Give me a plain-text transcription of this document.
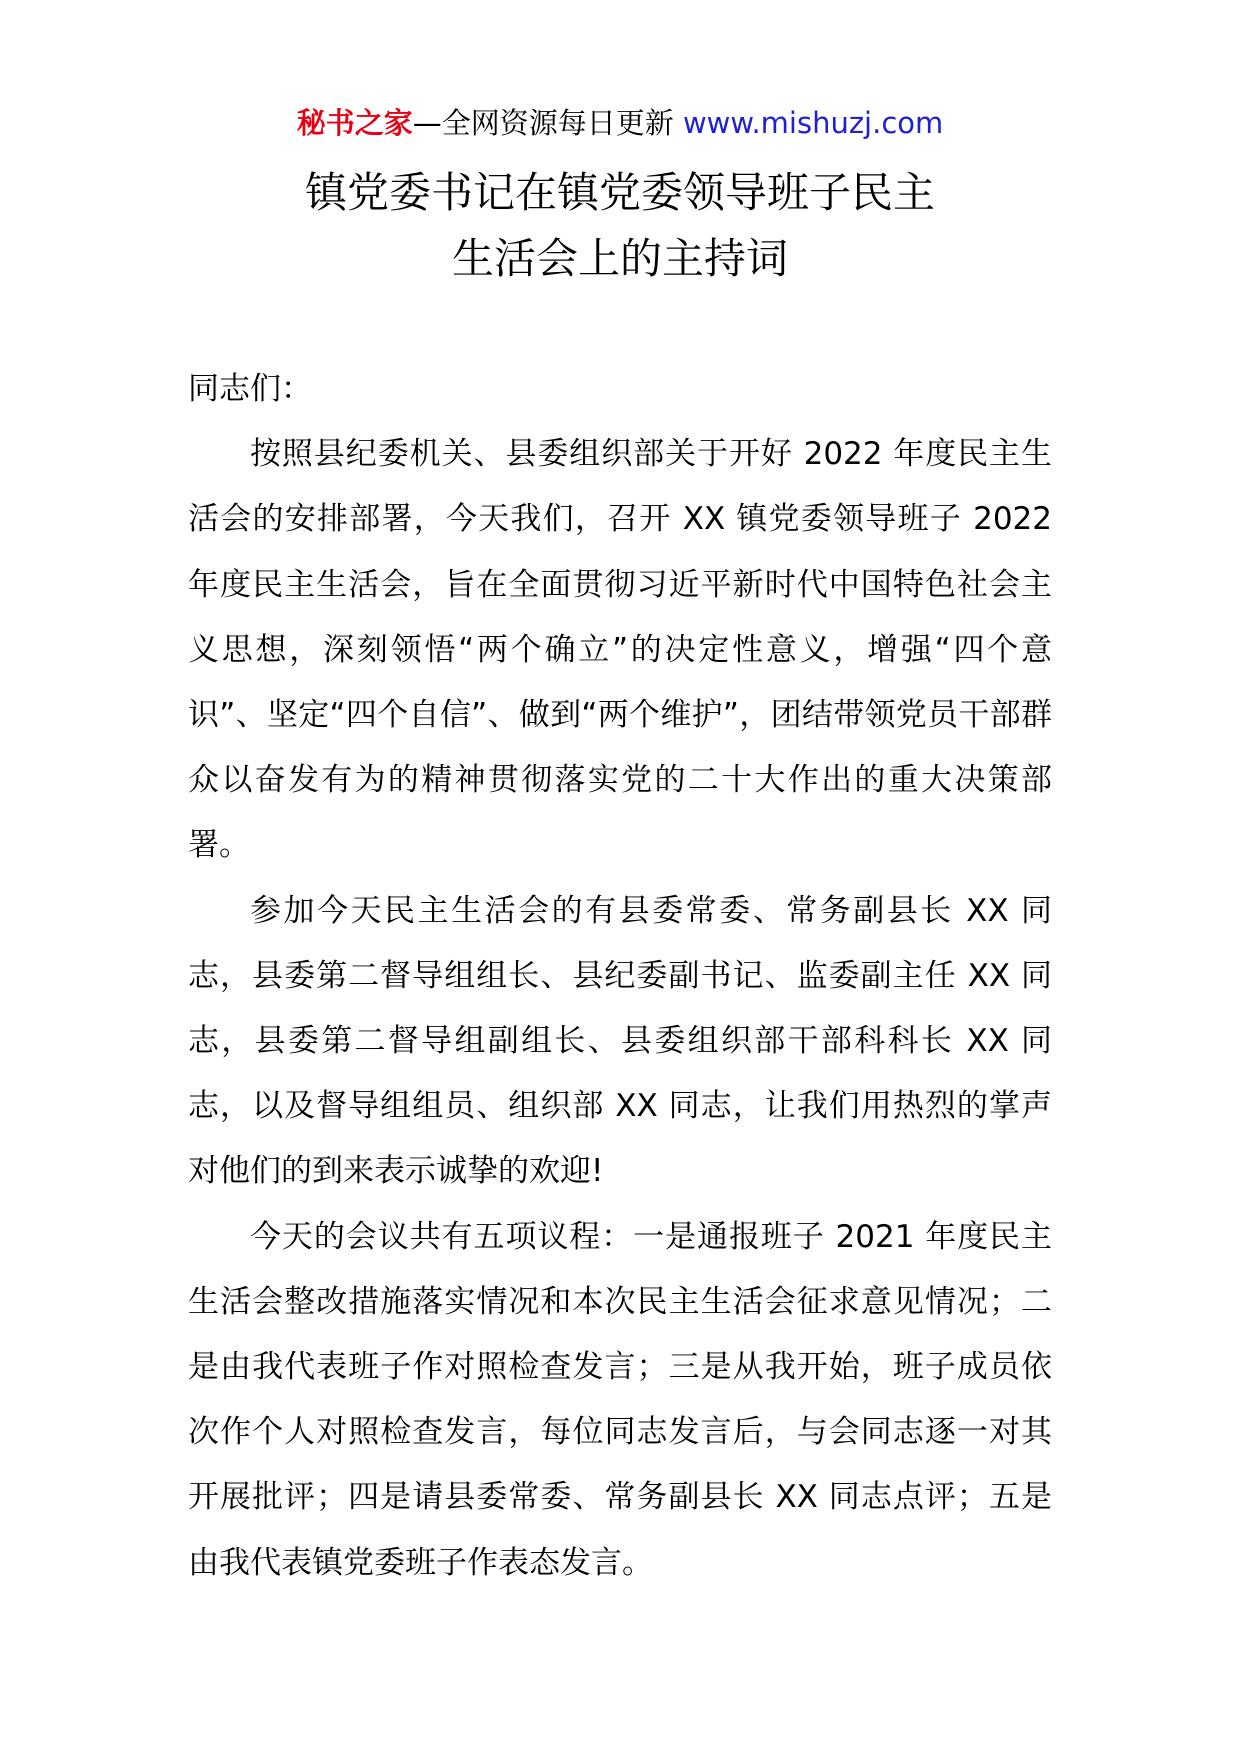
秘书之家—全网资源每日更新 www.mishuzj.com
镇党委书记在镇党委领导班子民主
生活会上的主持词

同志们：

按照县纪委机关、县委组织部关于开好 2022 年度民主生活会的安排部署，今天我们，召开 XX 镇党委领导班子 2022 年度民主生活会，旨在全面贯彻习近平新时代中国特色社会主义思想，深刻领悟“两个确立”的决定性意义，增强“四个意识”、坚定“四个自信”、做到“两个维护”，团结带领党员干部群众以奋发有为的精神贯彻落实党的二十大作出的重大决策部署。

参加今天民主生活会的有县委常委、常务副县长 XX 同志，县委第二督导组组长、县纪委副书记、监委副主任 XX 同志，县委第二督导组副组长、县委组织部干部科科长 XX 同志，以及督导组组员、组织部 XX 同志，让我们用热烈的掌声对他们的到来表示诚挚的欢迎!

今天的会议共有五项议程：一是通报班子 2021 年度民主生活会整改措施落实情况和本次民主生活会征求意见情况；二是由我代表班子作对照检查发言；三是从我开始，班子成员依次作个人对照检查发言，每位同志发言后，与会同志逐一对其开展批评；四是请县委常委、常务副县长 XX 同志点评；五是由我代表镇党委班子作表态发言。
